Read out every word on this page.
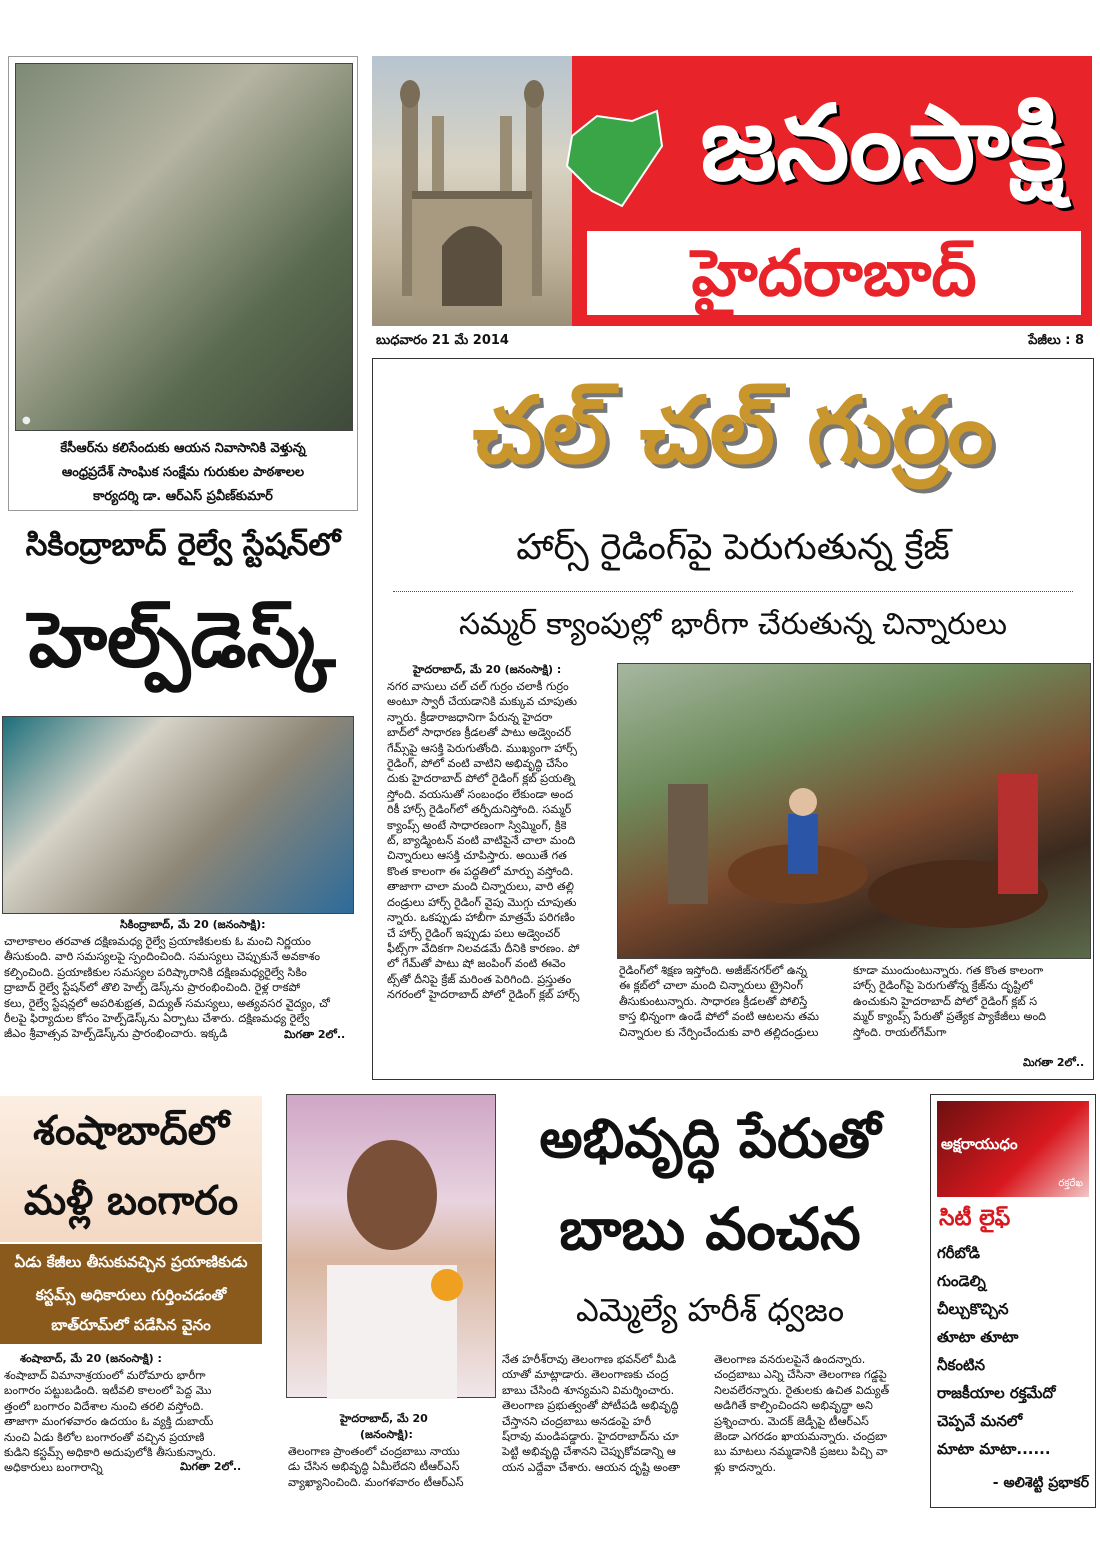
●
కేసీఆర్‌ను కలిసేందుకు ఆయన నివాసానికి వెళ్తున్న
ఆంధ్రప్రదేశ్ సాంఘిక సంక్షేమ గురుకుల పాఠశాలల
కార్యదర్శి డా. ఆర్‌ఎస్ ప్రవీణ్‌కుమార్
జనంసాక్షి
హైదరాబాద్
బుధవారం 21 మే 2014	పేజీలు : 8
సికింద్రాబాద్ రైల్వే స్టేషన్‌లో
హెల్ప్‌డెస్క్
సికింద్రాబాద్, మే 20 (జనంసాక్షి):
చాలాకాలం తరవాత దక్షిణమధ్య రైల్వే ప్రయాణికులకు ఓ మంచి నిర్ణయం
తీసుకుంది. వారి సమస్యలపై స్పందించింది. సమస్యలు చెప్పుకునే అవకాశం
కల్పించింది. ప్రయాణికుల సమస్యల పరిష్కారానికి దక్షిణమధ్యరైల్వే సికిం
ద్రాబాద్ రైల్వే స్టేషన్‌లో తొలి హెల్ప్ డెస్క్‌ను ప్రారంభించింది. రైళ్ల రాకపో
కలు, రైల్వే స్టేషన్లలో అపరిశుభ్రత, విద్యుత్ సమస్యలు, అత్యవసర వైద్యం, చో
రీలపై ఫిర్యాదుల కోసం హెల్ప్‌డెస్క్‌ను ఏర్పాటు చేశారు. దక్షిణమధ్య రైల్వే
జీఎం శ్రీవాత్సవ హెల్ప్‌డెస్క్‌ను ప్రారంభించారు. ఇక్కడి	మిగతా 2లో..
చల్ చల్ గుర్రం
హార్స్ రైడింగ్‌పై పెరుగుతున్న క్రేజ్
సమ్మర్ క్యాంపుల్లో భారీగా చేరుతున్న చిన్నారులు
హైదరాబాద్, మే 20 (జనంసాక్షి) :
నగర వాసులు చల్ చల్ గుర్రం చలాకీ గుర్రం
అంటూ స్వారీ చేయడానికి మక్కువ చూపుతు
న్నారు. క్రీడారాజధానిగా పేరున్న హైదరా
బాద్‌లో సాధారణ క్రీడలతో పాటు అడ్వెంచర్
గేమ్స్‌పై ఆసక్తి పెరుగుతోంది. ముఖ్యంగా హార్స్
రైడింగ్, పోలో వంటి వాటిని అభివృద్ధి చేసేం
దుకు హైదరాబాద్ పోలో రైడింగ్ క్లబ్ ప్రయత్ని
స్తోంది. వయసుతో సంబంధం లేకుండా అంద
రికీ హార్స్ రైడింగ్‌లో తర్ఫీదునిస్తోంది. సమ్మర్
క్యాంప్స్ అంటే సాధారణంగా స్విమ్మింగ్, క్రికె
ట్, బ్యాడ్మింటన్ వంటి వాటిపైనే చాలా మంది
చిన్నారులు ఆసక్తి చూపిస్తారు. అయితే గత
కొంత కాలంగా ఈ పద్ధతిలో మార్పు వస్తోంది.
తాజాగా చాలా మంది చిన్నారులు, వారి తల్లి
దండ్రులు హార్స్ రైడింగ్ వైపు మొగ్గు చూపుతు
న్నారు. ఒకప్పుడు హాబీగా మాత్రమే పరిగణిం
చే హార్స్ రైడింగ్ ఇప్పుడు పలు అడ్వెంచర్
ఫీట్స్‌గా వేదికగా నిలవడమే దీనికి కారణం. పో
లో గేమ్‌తో పాటు షో జంపింగ్ వంటి ఈవెం
ట్స్‌తో దీనిపై క్రేజ్ మరింత పెరిగింది. ప్రస్తుతం
నగరంలో హైదరాబాద్ పోలో రైడింగ్ క్లబ్ హార్స్
రైడింగ్‌లో శిక్షణ ఇస్తోంది. అజీజ్‌నగర్‌లో ఉన్న
ఈ క్లబ్‌లో చాలా మంది చిన్నారులు ట్రైనింగ్
తీసుకుంటున్నారు. సాధారణ క్రీడలతో పోలిస్తే
కాస్త భిన్నంగా ఉండే పోలో వంటి ఆటలను తమ
చిన్నారుల కు నేర్పించేందుకు వారి తల్లిదండ్రులు
కూడా ముందుంటున్నారు. గత కొంత కాలంగా
హార్స్ రైడింగ్‌పై పెరుగుతోన్న క్రేజ్‌ను దృష్టిలో
ఉంచుకుని హైదరాబాద్ పోలో రైడింగ్ క్లబ్ స
మ్మర్ క్యాంప్స్ పేరుతో ప్రత్యేక ప్యాకేజీలు అంది
స్తోంది. రాయల్‌గేమ్‌గా
మిగతా 2లో..
శంషాబాద్‌లో
మళ్లీ బంగారం
ఏడు కేజీలు తీసుకువచ్చిన ప్రయాణికుడు
కస్టమ్స్ అధికారులు గుర్తించడంతో
బాత్‌రూమ్‌లో పడేసిన వైనం
శంషాబాద్, మే 20 (జనంసాక్షి) :
శంషాబాద్ విమానాశ్రయంలో మరోమారు భారీగా
బంగారం పట్టుబడింది. ఇటీవలి కాలంలో పెద్ద మొ
త్తంలో బంగారం విదేశాల నుంచి తరలి వస్తోంది.
తాజాగా మంగళవారం ఉదయం ఓ వ్యక్తి దుబాయ్
నుంచి ఏడు కిలోల బంగారంతో వచ్చిన ప్రయాణి
కుడిని కస్టమ్స్ అధికారి అదుపులోకి తీసుకున్నారు.
అధికారులు బంగారాన్ని	మిగతా 2లో..
హైదరాబాద్, మే 20
(జనంసాక్షి):
తెలంగాణ ప్రాంతంలో చంద్రబాబు నాయు
డు చేసిన అభివృద్ధి ఏమీలేదని టీఆర్‌ఎస్
వ్యాఖ్యానించింది. మంగళవారం టీఆర్‌ఎస్
అభివృద్ధి పేరుతో
బాబు వంచన
ఎమ్మెల్యే హరీశ్ ధ్వజం
నేత హరీశ్‌రావు తెలంగాణ భవన్‌లో మీడి
యాతో మాట్లాడారు. తెలంగాణకు చంద్ర
బాబు చేసింది శూన్యమని విమర్శించారు.
తెలంగాణ ప్రభుత్వంతో పోటీపడి అభివృద్ధి
చేస్తానని చంద్రబాబు అనడంపై హరీ
ష్‌రావు మండిపడ్డారు. హైదరాబాద్‌ను చూ
పెట్టి అభివృద్ధి చేశానని చెప్పుకోవడాన్ని ఆ
యన ఎద్దేవా చేశారు. ఆయన దృష్టి అంతా
తెలంగాణ వనరులపైనే ఉందన్నారు.
చంద్రబాబు ఎన్ని చేసినా తెలంగాణ గడ్డపై
నిలవలేరన్నారు. రైతులకు ఉచిత విద్యుత్
అడిగితే కాల్పించిందని అభివృద్ధా అని
ప్రశ్నించారు. మెదక్ జెడ్పీపై టీఆర్‌ఎస్
జెండా ఎగరడం ఖాయమన్నారు. చంద్రబా
బు మాటలు నమ్మడానికి ప్రజలు పిచ్చి వా
ళ్లు కాదన్నారు.
అక్షరాయుధం
రక్తరేఖ
సిటీ లైఫ్
గరీబోడి
గుండెల్ని
చీల్చుకొచ్చిన
తూటా తూటా
నీకంటిన
రాజకీయాల రక్తమేదో
చెప్పవే మనలో
మాటా మాటా......
- అలిశెట్టి ప్రభాకర్
